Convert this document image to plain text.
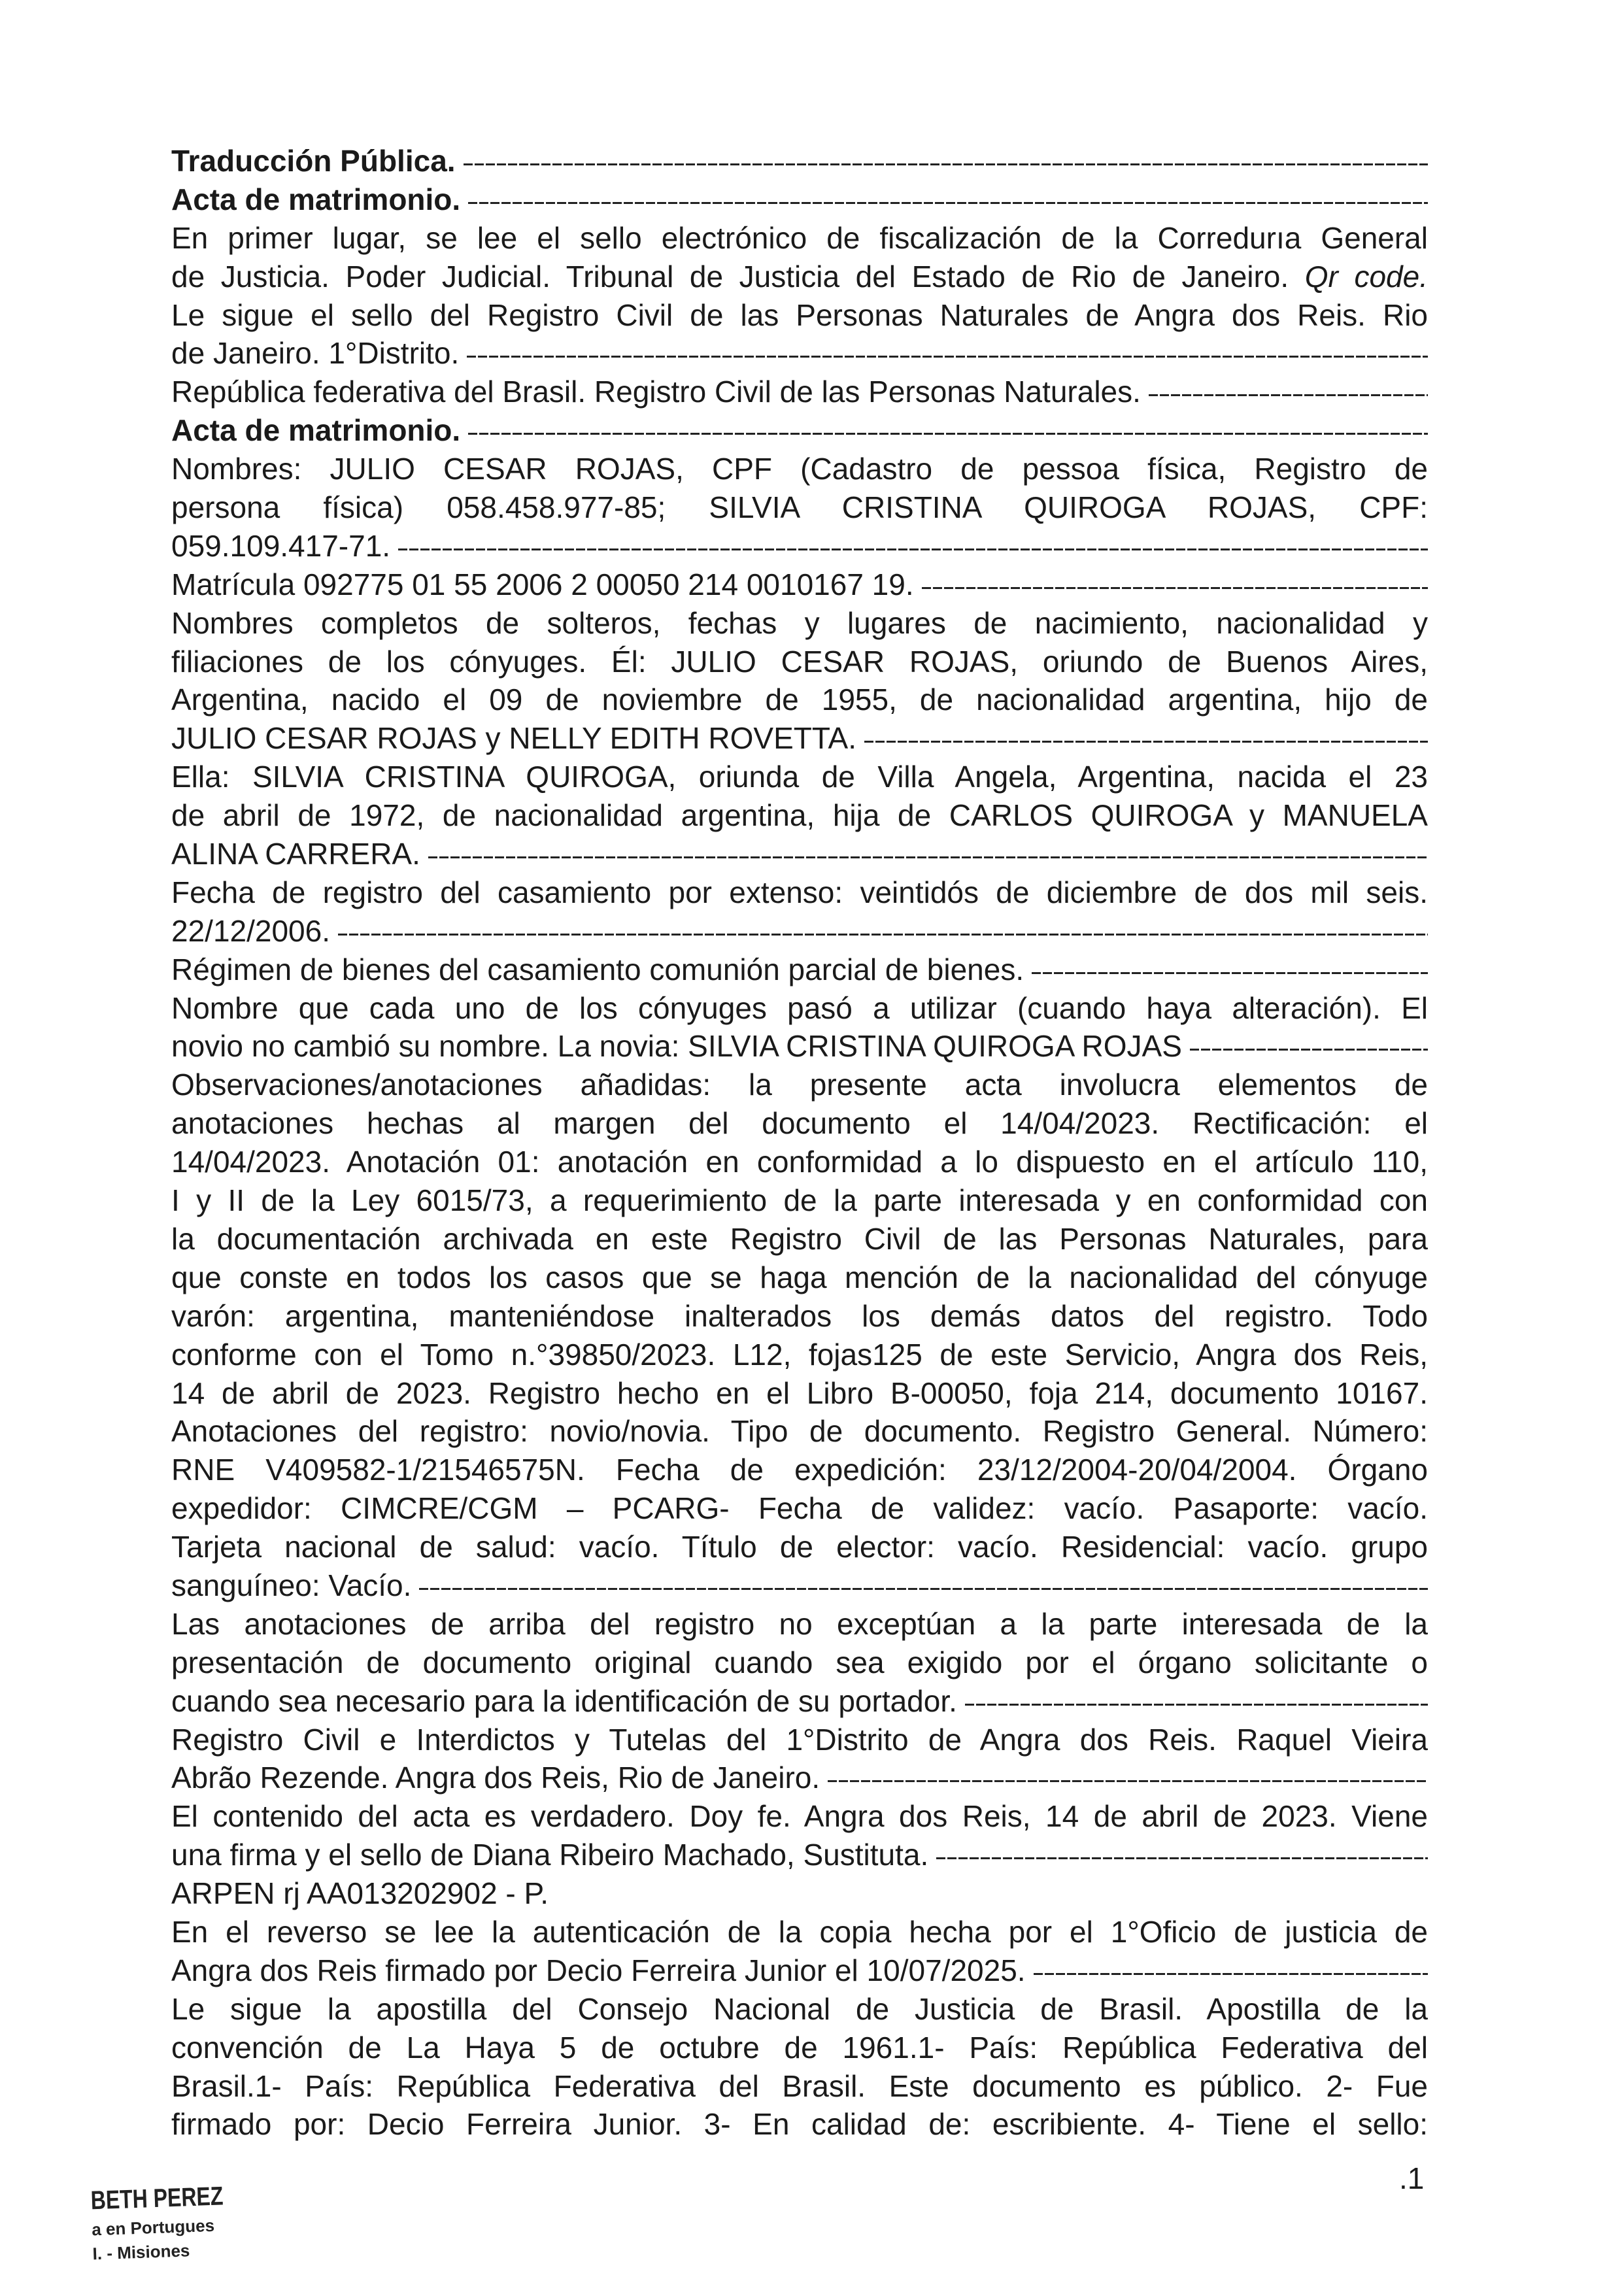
Traducción Pública.
Acta de matrimonio.
En primer lugar, se lee el sello electrónico de fiscalización de la Corredurıa General
de Justicia. Poder Judicial. Tribunal de Justicia del Estado de Rio de Janeiro. Qr code.
Le sigue el sello del Registro Civil de las Personas Naturales de Angra dos Reis. Rio
de Janeiro. 1°Distrito.
República federativa del Brasil. Registro Civil de las Personas Naturales.
Acta de matrimonio.
Nombres: JULIO CESAR ROJAS, CPF (Cadastro de pessoa física, Registro de
persona física) 058.458.977-85; SILVIA CRISTINA QUIROGA ROJAS, CPF:
059.109.417-71.
Matrícula 092775 01 55 2006 2 00050 214 0010167 19.
Nombres completos de solteros, fechas y lugares de nacimiento, nacionalidad y
filiaciones de los cónyuges. Él: JULIO CESAR ROJAS, oriundo de Buenos Aires,
Argentina, nacido el 09 de noviembre de 1955, de nacionalidad argentina, hijo de
JULIO CESAR ROJAS y NELLY EDITH ROVETTA.
Ella: SILVIA CRISTINA QUIROGA, oriunda de Villa Angela, Argentina, nacida el 23
de abril de 1972, de nacionalidad argentina, hija de CARLOS QUIROGA y MANUELA
ALINA CARRERA.
Fecha de registro del casamiento por extenso: veintidós de diciembre de dos mil seis.
22/12/2006.
Régimen de bienes del casamiento comunión parcial de bienes.
Nombre que cada uno de los cónyuges pasó a utilizar (cuando haya alteración). El
novio no cambió su nombre. La novia: SILVIA CRISTINA QUIROGA ROJAS
Observaciones/anotaciones añadidas: la presente acta involucra elementos de
anotaciones hechas al margen del documento el 14/04/2023. Rectificación: el
14/04/2023. Anotación 01: anotación en conformidad a lo dispuesto en el artículo 110,
I y II de la Ley 6015/73, a requerimiento de la parte interesada y en conformidad con
la documentación archivada en este Registro Civil de las Personas Naturales, para
que conste en todos los casos que se haga mención de la nacionalidad del cónyuge
varón: argentina, manteniéndose inalterados los demás datos del registro. Todo
conforme con el Tomo n.°39850/2023. L12, fojas125 de este Servicio, Angra dos Reis,
14 de abril de 2023. Registro hecho en el Libro B-00050, foja 214, documento 10167.
Anotaciones del registro: novio/novia. Tipo de documento. Registro General. Número:
RNE V409582-1/21546575N. Fecha de expedición: 23/12/2004-20/04/2004. Órgano
expedidor: CIMCRE/CGM – PCARG- Fecha de validez: vacío. Pasaporte: vacío.
Tarjeta nacional de salud: vacío. Título de elector: vacío. Residencial: vacío. grupo
sanguíneo: Vacío.
Las anotaciones de arriba del registro no exceptúan a la parte interesada de la
presentación de documento original cuando sea exigido por el órgano solicitante o
cuando sea necesario para la identificación de su portador.
Registro Civil e Interdictos y Tutelas del 1°Distrito de Angra dos Reis. Raquel Vieira
Abrão Rezende. Angra dos Reis, Rio de Janeiro.
El contenido del acta es verdadero. Doy fe. Angra dos Reis, 14 de abril de 2023. Viene
una firma y el sello de Diana Ribeiro Machado, Sustituta.
ARPEN rj AA013202902 - P.
En el reverso se lee la autenticación de la copia hecha por el 1°Oficio de justicia de
Angra dos Reis firmado por Decio Ferreira Junior el 10/07/2025.
Le sigue la apostilla del Consejo Nacional de Justicia de Brasil. Apostilla de la
convención de La Haya 5 de octubre de 1961.1- País: República Federativa del
Brasil.1- País: República Federativa del Brasil. Este documento es público. 2- Fue
firmado por: Decio Ferreira Junior. 3- En calidad de: escribiente. 4- Tiene el sello:
.1
BETH PEREZ
a en Portugues
I. - Misiones
